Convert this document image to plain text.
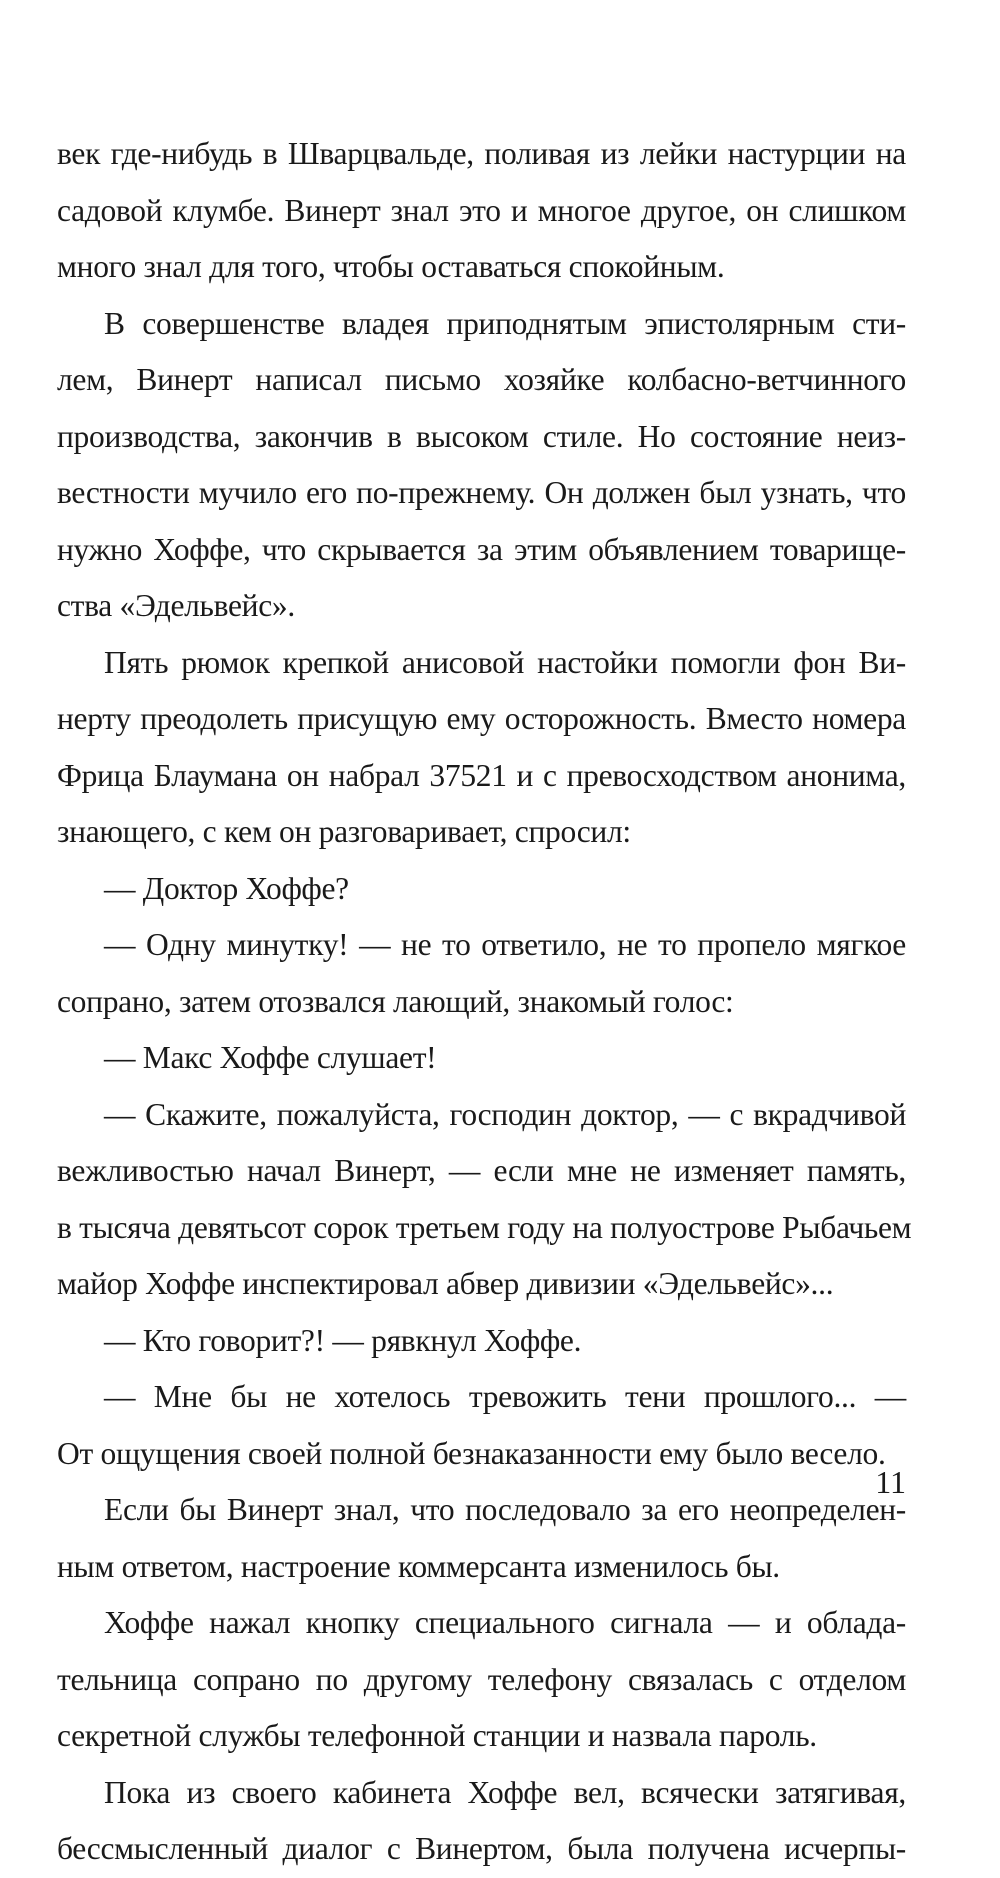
век где-нибудь в Шварцвальде, поливая из лейки настурции на
садовой клумбе. Винерт знал это и многое другое, он слишком
много знал для того, чтобы оставаться спокойным.
В совершенстве владея приподнятым эпистолярным сти-
лем, Винерт написал письмо хозяйке колбасно-ветчинного
производства, закончив в высоком стиле. Но состояние неиз-
вестности мучило его по-прежнему. Он должен был узнать, что
нужно Хоффе, что скрывается за этим объявлением товарище-
ства «Эдельвейс».
Пять рюмок крепкой анисовой настойки помогли фон Ви-
нерту преодолеть присущую ему осторожность. Вместо номера
Фрица Блаумана он набрал 37521 и с превосходством анонима,
знающего, с кем он разговаривает, спросил:
— Доктор Хоффе?
— Одну минутку! — не то ответило, не то пропело мягкое
сопрано, затем отозвался лающий, знакомый голос:
— Макс Хоффе слушает!
— Скажите, пожалуйста, господин доктор, — с вкрадчивой
вежливостью начал Винерт, — если мне не изменяет память,
в тысяча девятьсот сорок третьем году на полуострове Рыбачьем
майор Хоффе инспектировал абвер дивизии «Эдельвейс»...
— Кто говорит?! — рявкнул Хоффе.
— Мне бы не хотелось тревожить тени прошлого... —
От ощущения своей полной безнаказанности ему было весело.
Если бы Винерт знал, что последовало за его неопределен-
ным ответом, настроение коммерсанта изменилось бы.
Хоффе нажал кнопку специального сигнала — и облада-
тельница сопрано по другому телефону связалась с отделом
секретной службы телефонной станции и назвала пароль.
Пока из своего кабинета Хоффе вел, всячески затягивая,
бессмысленный диалог с Винертом, была получена исчерпы-
11
